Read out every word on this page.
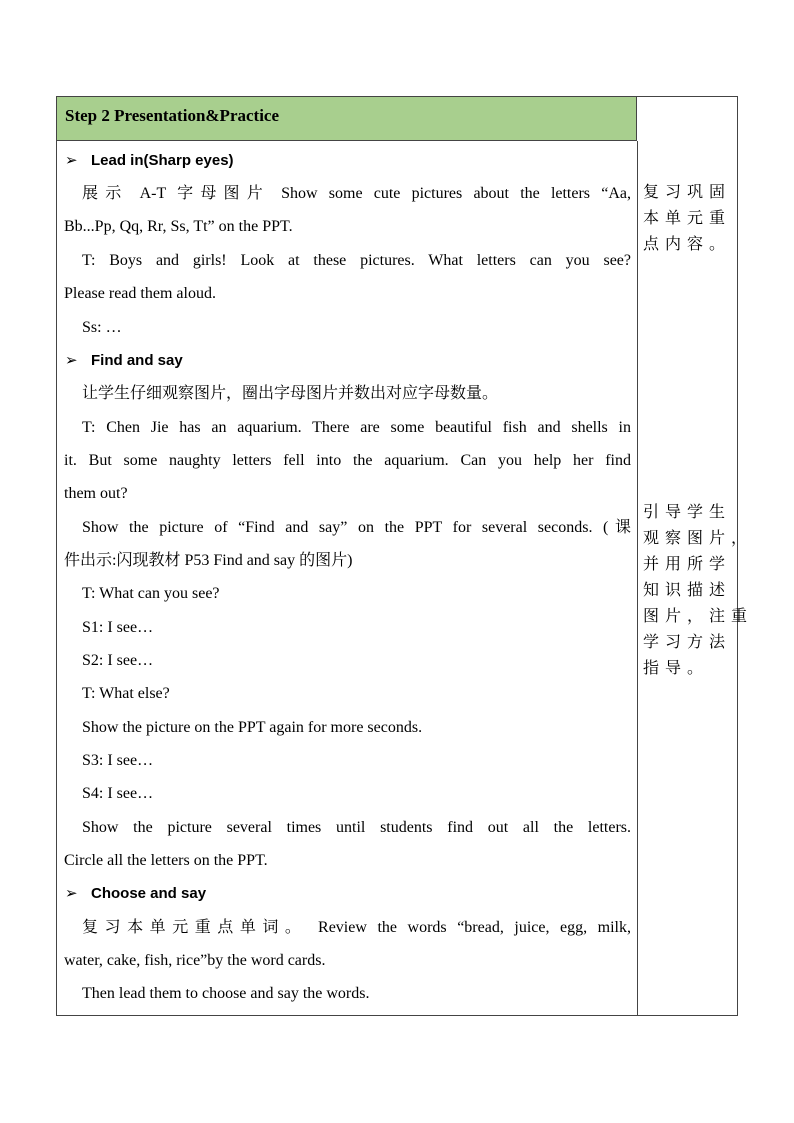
Step 2 Presentation&Practice
➢ Lead in(Sharp eyes)
展示 A-T 字母图片 Show some cute pictures about the letters “Aa,
Bb...Pp, Qq, Rr, Ss, Tt” on the PPT.
T: Boys and girls! Look at these pictures. What letters can you see?
Please read them aloud.
Ss: …
➢ Find and say
让学生仔细观察图片，圈出字母图片并数出对应字母数量。
T: Chen Jie has an aquarium. There are some beautiful fish and shells in
it. But some naughty letters fell into the aquarium. Can you help her find
them out?
Show the picture of “Find and say” on the PPT for several seconds. (课
件出示:闪现教材 P53 Find and say 的图片)
T: What can you see?
S1: I see…
S2: I see…
T: What else?
Show the picture on the PPT again for more seconds.
S3: I see…
S4: I see…
Show the picture several times until students find out all the letters.
Circle all the letters on the PPT.
➢ Choose and say
复习本单元重点单词。 Review the words “bread, juice, egg, milk,
water, cake, fish, rice”by the word cards.
Then lead them to choose and say the words.
复习巩固
本单元重
点内容。
引导学生
观察图片，
并用所学
知识描述
图片，注重
学习方法
指导。
